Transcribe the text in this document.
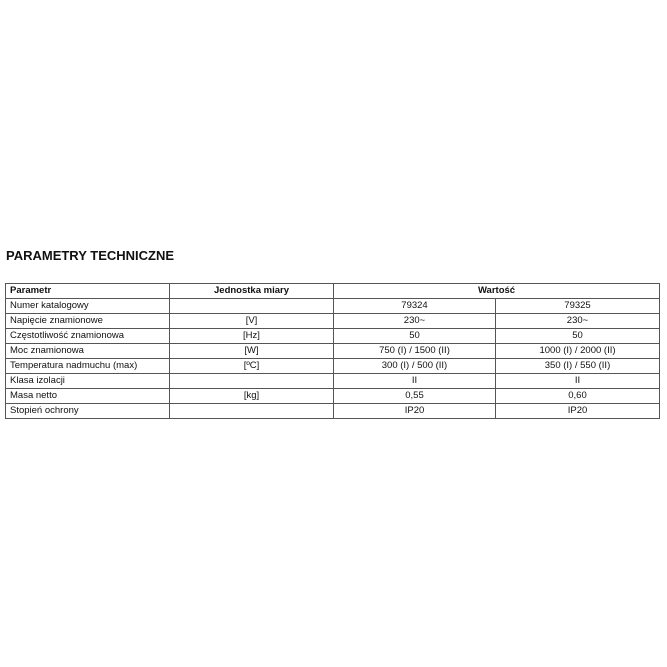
PARAMETRY TECHNICZNE
Parametr	Jednostka miary	Wartość	
Numer katalogowy		79324	79325
Napięcie znamionowe	[V]	230~	230~
Częstotliwość znamionowa	[Hz]	50	50
Moc znamionowa	[W]	750 (I) / 1500 (II)	1000 (I) / 2000 (II)
Temperatura nadmuchu (max)	[ºC]	300 (I) / 500 (II)	350 (I) / 550 (II)
Klasa izolacji		II	II
Masa netto	[kg]	0,55	0,60
Stopień ochrony		IP20	IP20
